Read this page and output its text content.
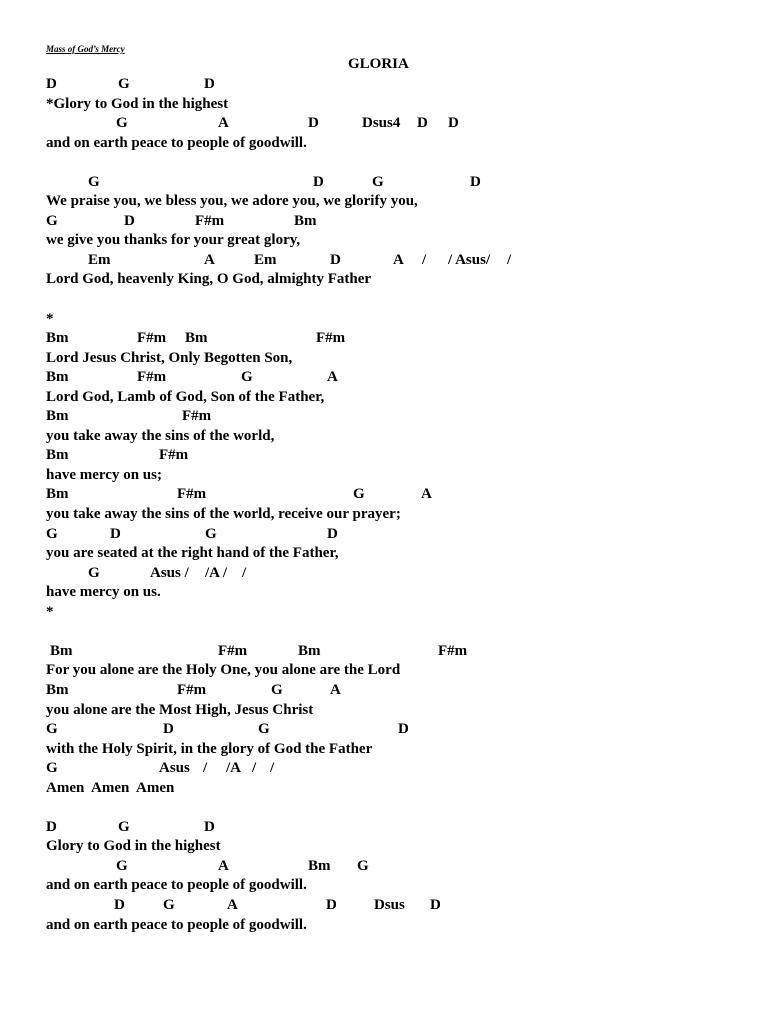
Mass of God’s Mercy
GLORIA
D	G	D
*Glory to God in the highest
G	A	D	Dsus4 D D
and on earth peace to people of goodwill.
G	D	G	D
We praise you, we bless you, we adore you, we glorify you,
G	D	F#m	Bm
we give you thanks for your great glory,
Em	A	Em	D	A / / Asus/ /
Lord God, heavenly King, O God, almighty Father
*
Bm	F#m Bm	F#m
Lord Jesus Christ, Only Begotten Son,
Bm	F#m	G	A
Lord God, Lamb of God, Son of the Father,
Bm	F#m
you take away the sins of the world,
Bm	F#m
have mercy on us;
Bm	F#m	G	A
you take away the sins of the world, receive our prayer;
G	D	G	D
you are seated at the right hand of the Father,
G	Asus / /A / /
have mercy on us.
*
Bm	F#m	Bm	F#m
For you alone are the Holy One, you alone are the Lord
Bm	F#m	G	A
you alone are the Most High, Jesus Christ
G	D	G	D
with the Holy Spirit, in the glory of God the Father
G	Asus / /A / /
Amen  Amen  Amen
D	G	D
Glory to God in the highest
G	A	Bm G
and on earth peace to people of goodwill.
D	G	A	D Dsus D
and on earth peace to people of goodwill.
